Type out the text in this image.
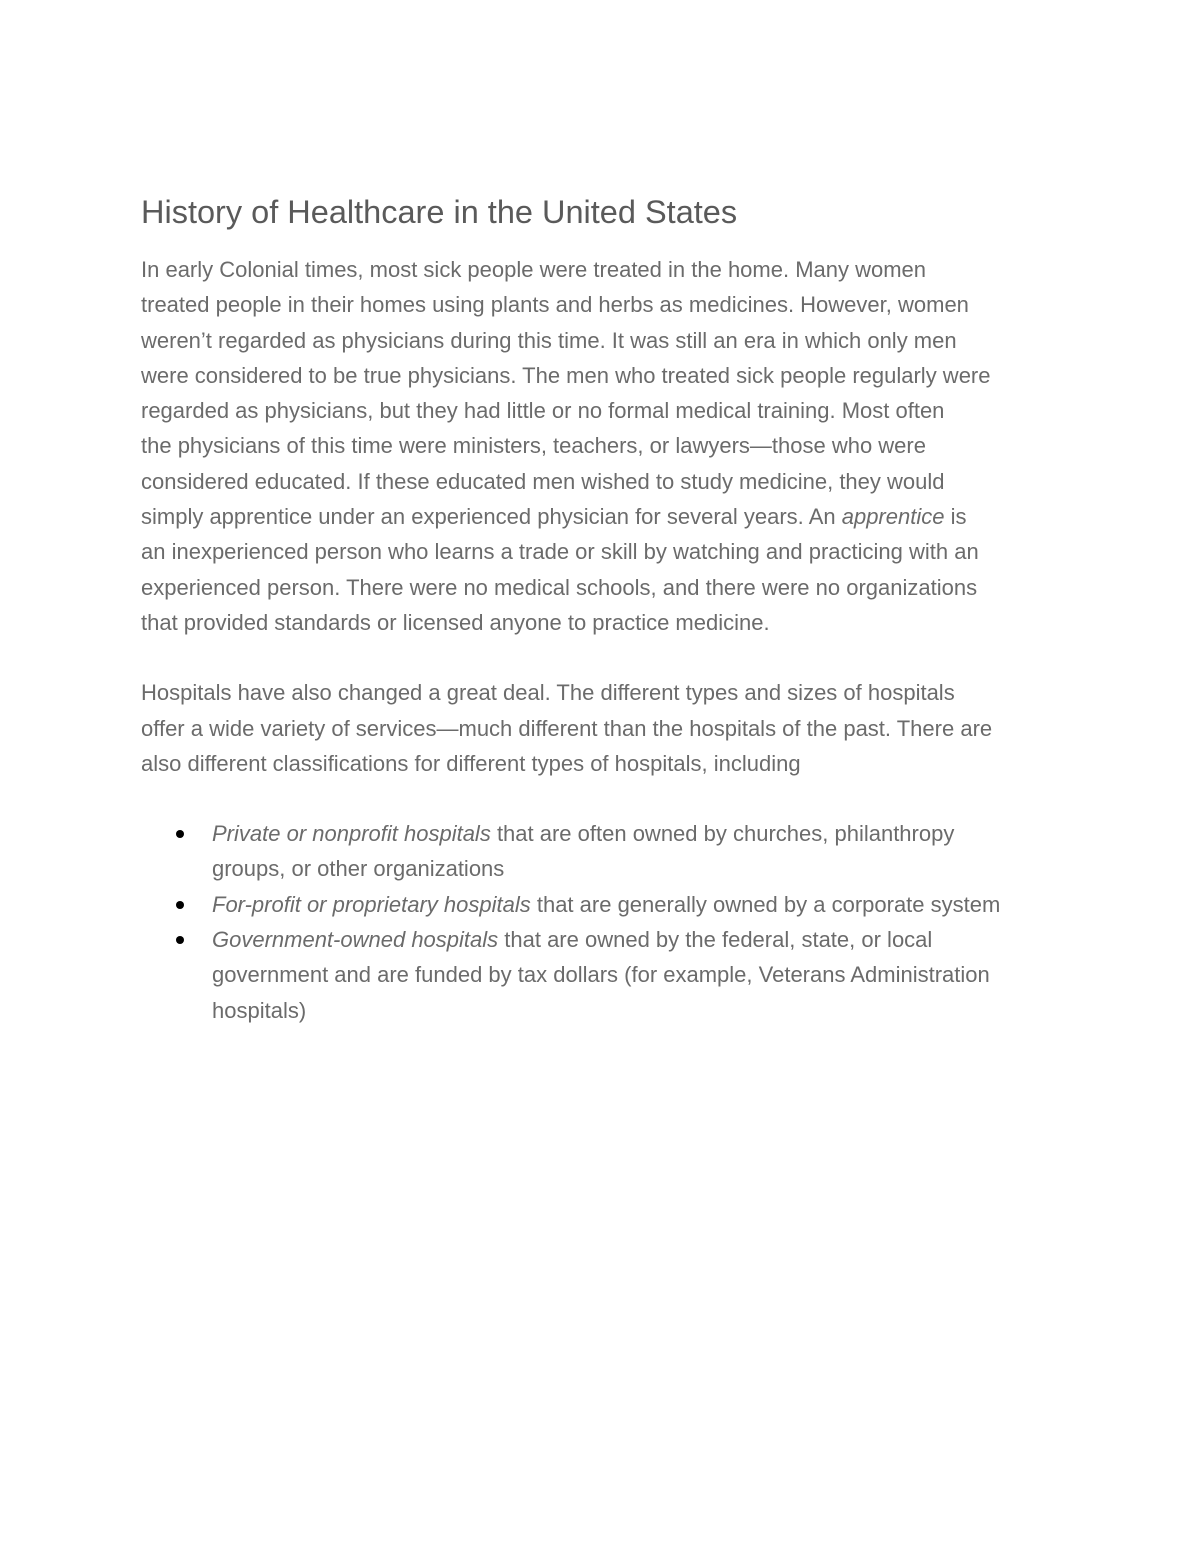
History of Healthcare in the United States

In early Colonial times, most sick people were treated in the home. Many women
treated people in their homes using plants and herbs as medicines. However, women
weren’t regarded as physicians during this time. It was still an era in which only men
were considered to be true physicians. The men who treated sick people regularly were
regarded as physicians, but they had little or no formal medical training. Most often
the physicians of this time were ministers, teachers, or lawyers—those who were
considered educated. If these educated men wished to study medicine, they would
simply apprentice under an experienced physician for several years. An apprentice is
an inexperienced person who learns a trade or skill by watching and practicing with an
experienced person. There were no medical schools, and there were no organizations
that provided standards or licensed anyone to practice medicine.

Hospitals have also changed a great deal. The different types and sizes of hospitals
offer a wide variety of services—much different than the hospitals of the past. There are
also different classifications for different types of hospitals, including

Private or nonprofit hospitals that are often owned by churches, philanthropy
groups, or other organizations
For-profit or proprietary hospitals that are generally owned by a corporate system
Government-owned hospitals that are owned by the federal, state, or local
government and are funded by tax dollars (for example, Veterans Administration
hospitals)
